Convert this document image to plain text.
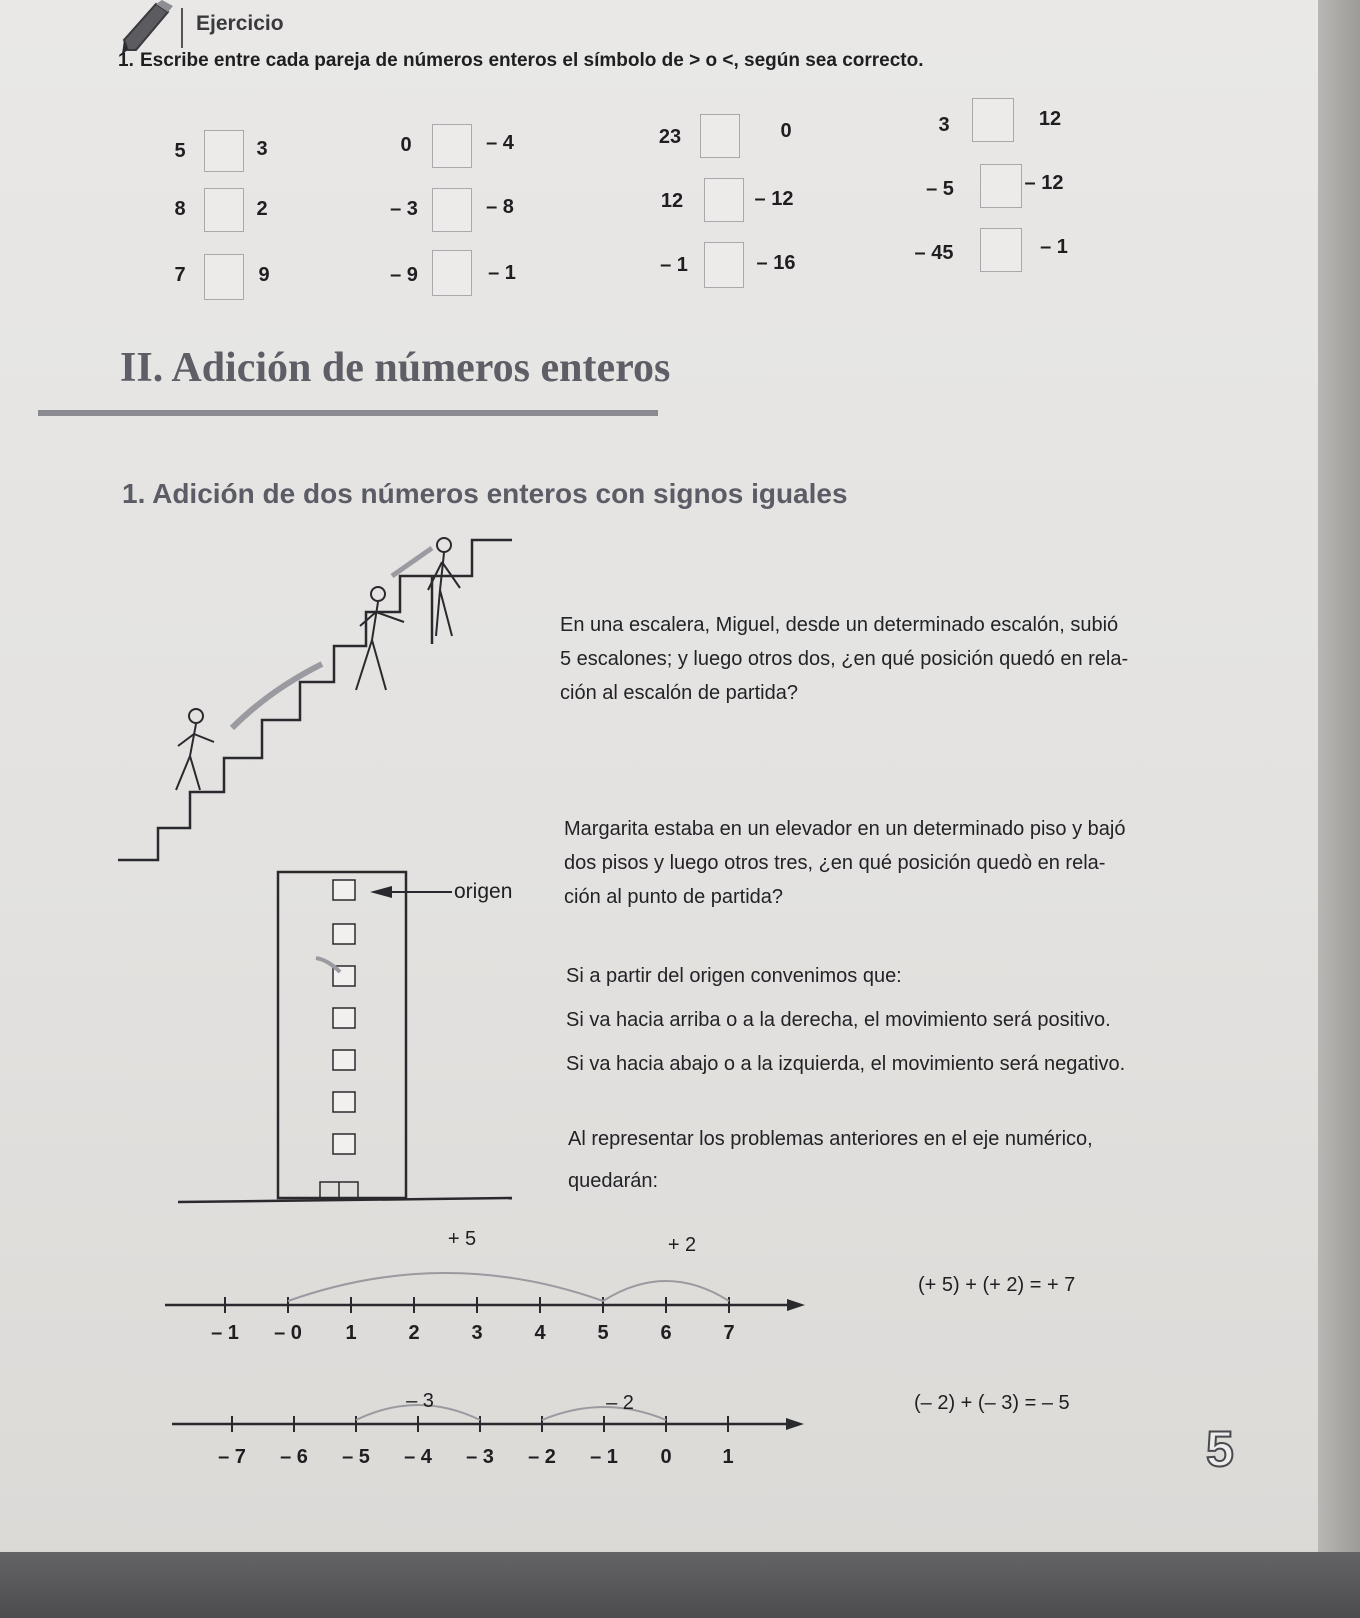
Ejercicio
1. Escribe entre cada pareja de números enteros el símbolo de > o <, según sea correcto.
5	3
8	2
7	9
0	– 4
– 3	– 8
– 9	– 1
23	0
12	– 12
– 1	– 16
3	12
– 5	– 12
– 45	– 1
II. Adición de números enteros
1. Adición de dos números enteros con signos iguales
origen
En una escalera, Miguel, desde un determinado escalón, subió
5 escalones; y luego otros dos, ¿en qué posición quedó en rela-
ción al escalón de partida?
Margarita estaba en un elevador en un determinado piso y bajó
dos pisos y luego otros tres, ¿en qué posición quedò en rela-
ción al punto de partida?
Si a partir del origen convenimos que:
Si va hacia arriba o a la derecha, el movimiento será positivo.
Si va hacia abajo o a la izquierda, el movimiento será negativo.
Al representar los problemas anteriores en el eje numérico,
quedarán:
+ 5	+ 2
(+ 5) + (+ 2) = + 7
– 3	– 2	(– 2) + (– 3) = – 5
– 1 – 0 1	2	3	4	5	6	7
– 7 – 6 – 5 – 4 – 3 – 2 – 1 0	1	5
